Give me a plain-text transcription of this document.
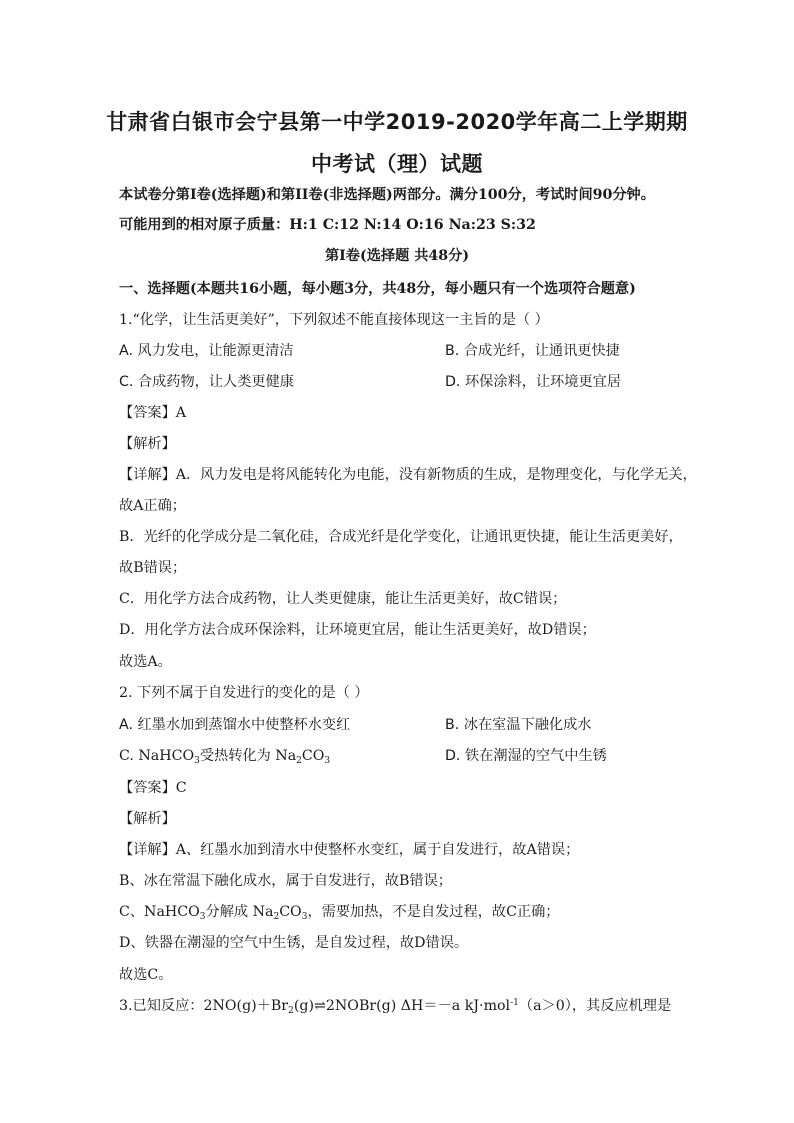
甘肃省白银市会宁县第一中学2019-2020学年高二上学期期
中考试（理）试题
本试卷分第I卷(选择题)和第II卷(非选择题)两部分。满分100分，考试时间90分钟。
可能用到的相对原子质量：H:1 C:12 N:14 O:16 Na:23 S:32
第I卷(选择题 共48分)
一、选择题(本题共16小题，每小题3分，共48分，每小题只有一个选项符合题意)
1.“化学，让生活更美好”，下列叙述不能直接体现这一主旨的是（ ）
A. 风力发电，让能源更清洁	B. 合成光纤，让通讯更快捷
C. 合成药物，让人类更健康	D. 环保涂料，让环境更宜居
【答案】A
【解析】
【详解】A．风力发电是将风能转化为电能，没有新物质的生成，是物理变化，与化学无关，
故A正确；
B．光纤的化学成分是二氧化硅，合成光纤是化学变化，让通讯更快捷，能让生活更美好，
故B错误；
C．用化学方法合成药物，让人类更健康，能让生活更美好，故C错误；
D．用化学方法合成环保涂料，让环境更宜居，能让生活更美好，故D错误；
故选A。
2. 下列不属于自发进行的变化的是（ ）
A. 红墨水加到蒸馏水中使整杯水变红	B. 冰在室温下融化成水
C. NaHCO$_3$受热转化为 $Na_2CO_3$	D. 铁在潮湿的空气中生锈
【答案】C
【解析】
【详解】A、红墨水加到清水中使整杯水变红，属于自发进行，故A错误；
B、冰在常温下融化成水，属于自发进行，故B错误；
C、NaHCO$_3$分解成 $Na_2CO_3$，需要加热，不是自发过程，故C正确；
D、铁器在潮湿的空气中生锈，是自发过程，故D错误。
故选C。
3.已知反应：$2NO(g)+Br_2(g)\rightleftharpoons 2NOBr(g)$ ΔH＝－a kJ·mol$^{-1}$（a＞0），其反应机理是
